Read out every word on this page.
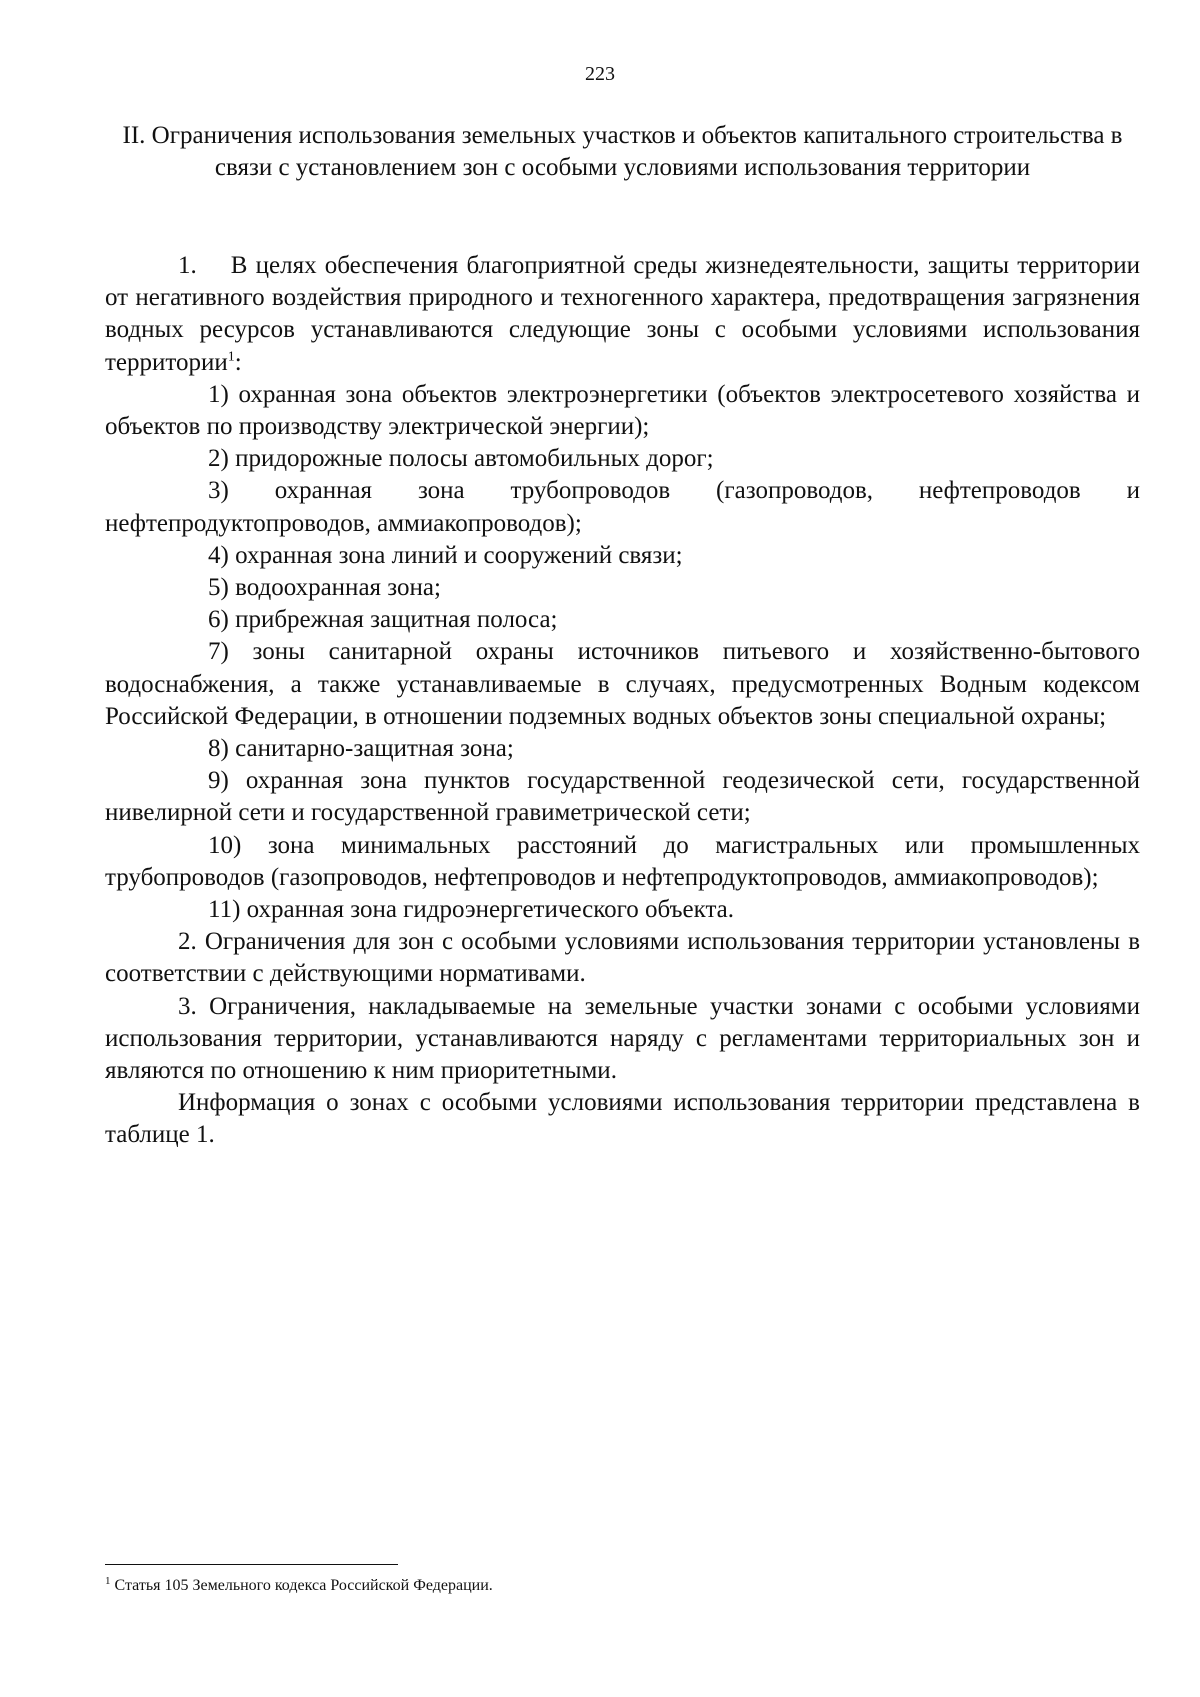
223
II. Ограничения использования земельных участков и объектов капитального строительства в связи с установлением зон с особыми условиями использования территории

1. В целях обеспечения благоприятной среды жизнедеятельности, защиты территории от негативного воздействия природного и техногенного характера, предотвращения загрязнения водных ресурсов устанавливаются следующие зоны с особыми условиями использования территории$^1$:

1) охранная зона объектов электроэнергетики (объектов электросетевого хозяйства и объектов по производству электрической энергии);

2) придорожные полосы автомобильных дорог;

3) охранная зона трубопроводов (газопроводов, нефтепроводов и нефтепродуктопроводов, аммиакопроводов);

4) охранная зона линий и сооружений связи;

5) водоохранная зона;

6) прибрежная защитная полоса;

7) зоны санитарной охраны источников питьевого и хозяйственно-бытового водоснабжения, а также устанавливаемые в случаях, предусмотренных Водным кодексом Российской Федерации, в отношении подземных водных объектов зоны специальной охраны;

8) санитарно-защитная зона;

9) охранная зона пунктов государственной геодезической сети, государственной нивелирной сети и государственной гравиметрической сети;

10) зона минимальных расстояний до магистральных или промышленных трубопроводов (газопроводов, нефтепроводов и нефтепродуктопроводов, аммиакопроводов);

11) охранная зона гидроэнергетического объекта.

2. Ограничения для зон с особыми условиями использования территории установлены в соответствии с действующими нормативами.

3. Ограничения, накладываемые на земельные участки зонами с особыми условиями использования территории, устанавливаются наряду с регламентами территориальных зон и являются по отношению к ним приоритетными.

Информация о зонах с особыми условиями использования территории представлена в таблице 1.

$^1$ Статья 105 Земельного кодекса Российской Федерации.
